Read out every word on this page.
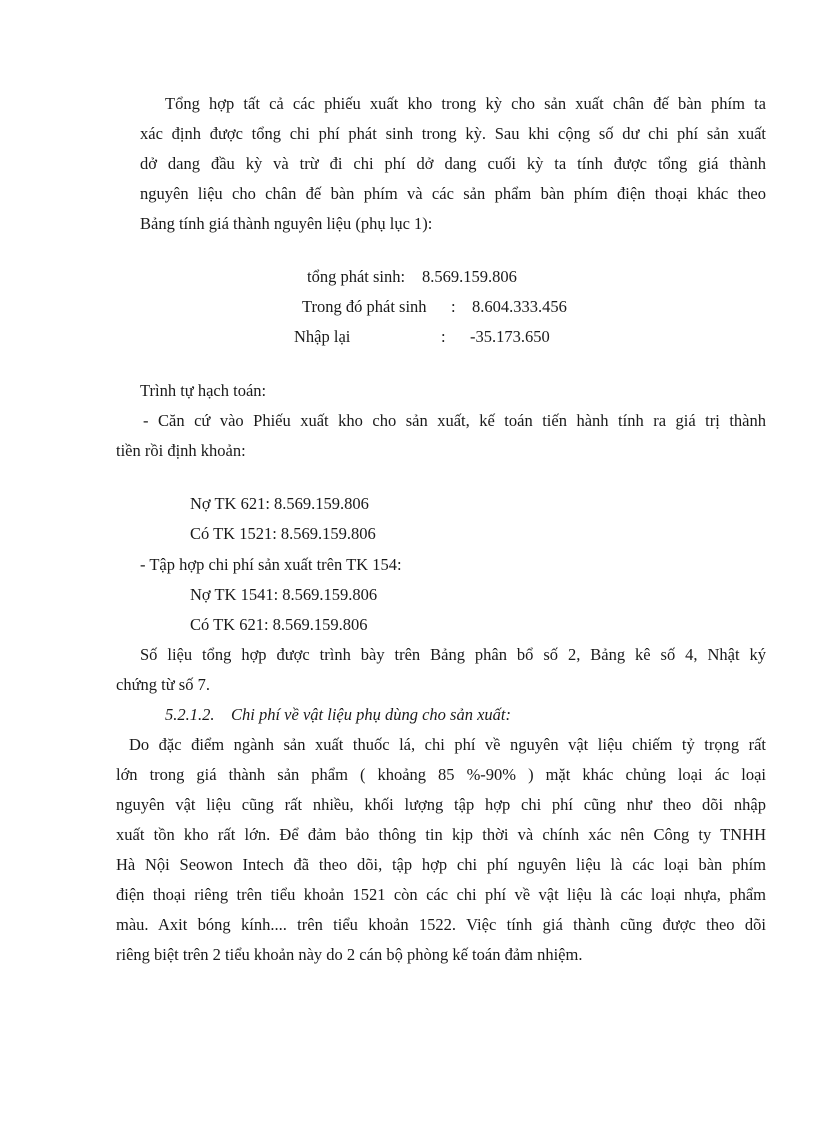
Tổng hợp tất cả các phiếu xuất kho trong kỳ cho sản xuất chân đế bàn phím ta
xác định được tổng chi phí phát sinh trong kỳ. Sau khi cộng số dư chi phí sản xuất
dở dang đầu kỳ và trừ đi chi phí dở dang cuối kỳ ta tính được tổng giá thành
nguyên liệu cho chân đế bàn phím và các sản phẩm bàn phím điện thoại khác theo
Bảng tính giá thành nguyên liệu (phụ lục 1):
tổng phát sinh: 8.569.159.806
Trong đó phát sinh : 8.604.333.456
Nhập lại	: -35.173.650
Trình tự hạch toán:
- Căn cứ vào Phiếu xuất kho cho sản xuất, kế toán tiến hành tính ra giá trị thành
tiền rồi định khoản:
Nợ TK 621: 8.569.159.806
Có TK 1521: 8.569.159.806
- Tập hợp chi phí sản xuất trên TK 154:
Nợ TK 1541: 8.569.159.806
Có TK 621: 8.569.159.806
Số liệu tổng hợp được trình bày trên Bảng phân bổ số 2, Bảng kê số 4, Nhật ký
chứng từ số 7.
5.2.1.2.    Chi phí về vật liệu phụ dùng cho sản xuất:
Do đặc điểm ngành sản xuất thuốc lá, chi phí về nguyên vật liệu chiếm tỷ trọng rất
lớn trong giá thành sản phẩm ( khoảng 85 %-90% ) mặt khác chủng loại ác loại
nguyên vật liệu cũng rất nhiều, khối lượng tập hợp chi phí cũng như theo dõi nhập
xuất tồn kho rất lớn. Để đảm bảo thông tin kịp thời và chính xác nên Công ty TNHH
Hà Nội Seowon Intech đã theo dõi, tập hợp chi phí nguyên liệu là các loại bàn phím
điện thoại riêng trên tiểu khoản 1521 còn các chi phí về vật liệu là các loại nhựa, phẩm
màu. Axit bóng kính.... trên tiểu khoản 1522. Việc tính giá thành cũng được theo dõi
riêng biệt trên 2 tiểu khoản này do 2 cán bộ phòng kế toán đảm nhiệm.
